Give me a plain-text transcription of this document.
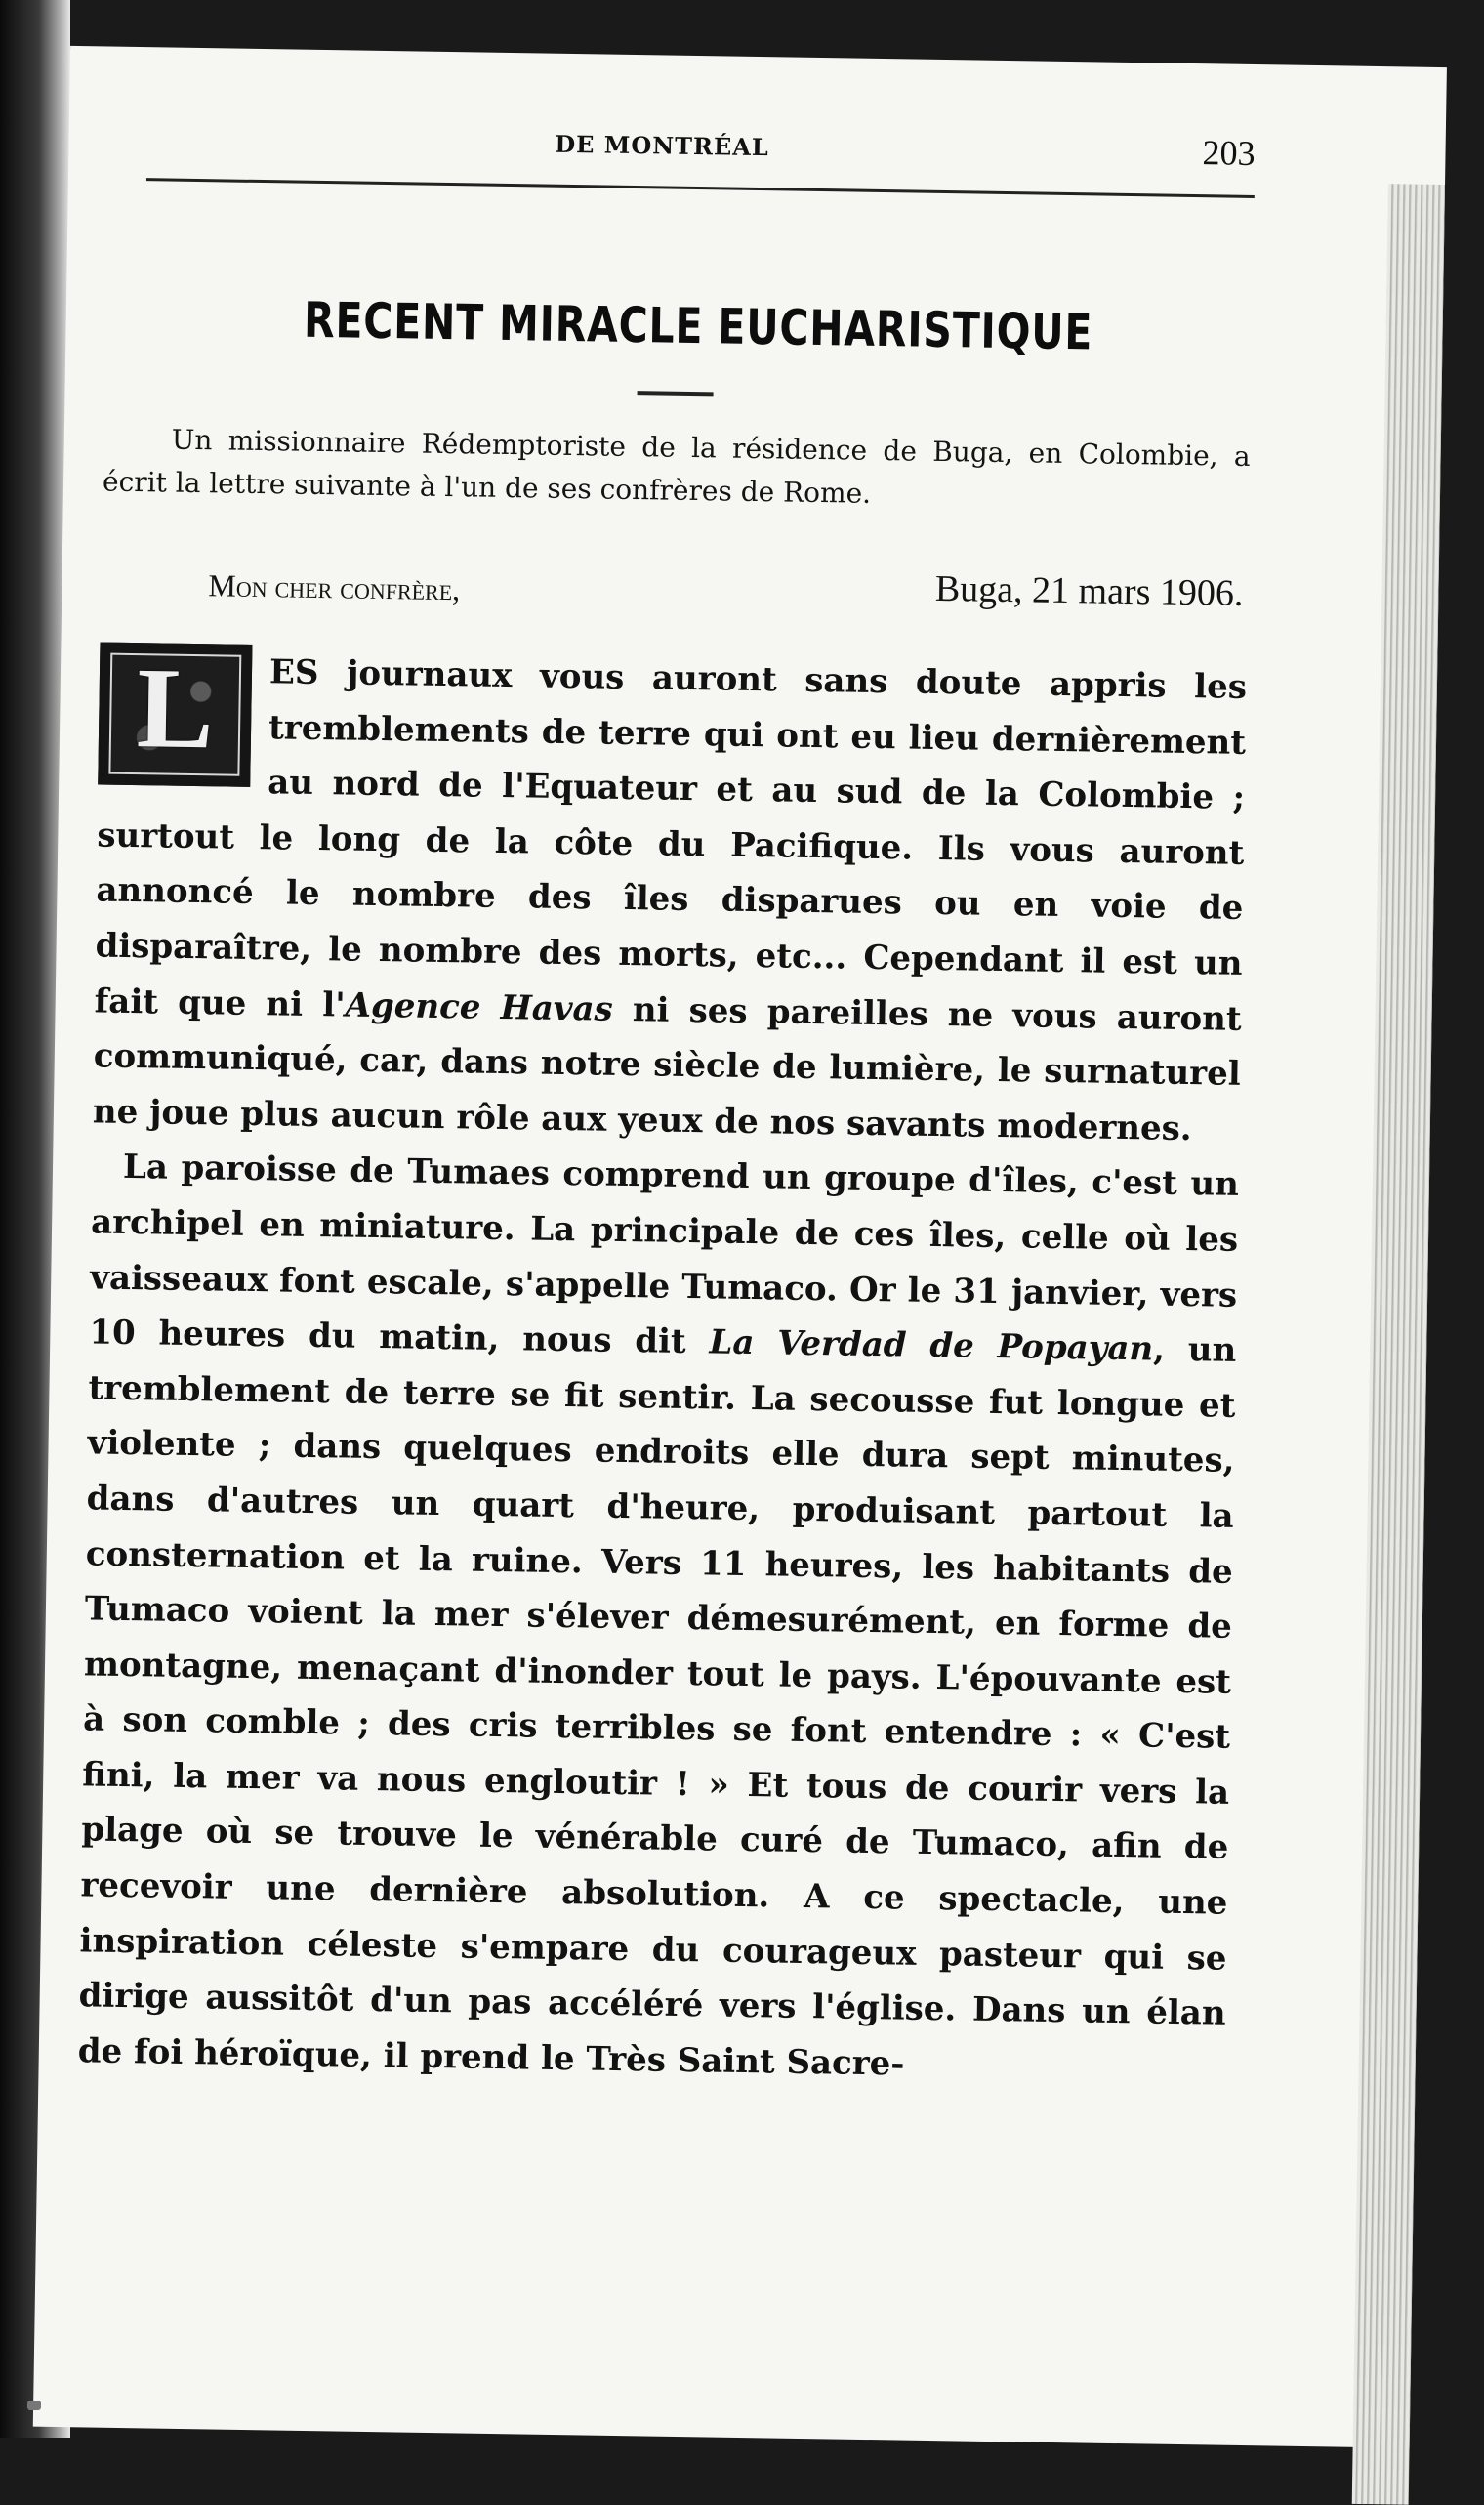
DE MONTRÉAL	203
RECENT MIRACLE EUCHARISTIQUE
Un missionnaire Rédemptoriste de la résidence de Buga, en Colombie, a écrit la lettre suivante à l'un de ses confrères de Rome.
Mon cher confrère,	Buga, 21 mars 1906.

L	ES journaux vous auront sans doute appris les tremblements de terre qui ont eu lieu dernièrement au nord de l'Equateur et au sud de la Colombie ; surtout le long de la côte du Pacifique. Ils vous auront annoncé le nombre des îles disparues ou en voie de disparaître, le nombre des morts, etc... Cependant il est un fait que ni l'Agence Havas ni ses pareilles ne vous auront communiqué, car, dans notre siècle de lumière, le surnaturel ne joue plus aucun rôle aux yeux de nos savants modernes.

La paroisse de Tumaes comprend un groupe d'îles, c'est un archipel en miniature. La principale de ces îles, celle où les vaisseaux font escale, s'appelle Tumaco. Or le 31 janvier, vers 10 heures du matin, nous dit La Verdad de Popayan, un tremblement de terre se fit sentir. La secousse fut longue et violente ; dans quelques endroits elle dura sept minutes, dans d'autres un quart d'heure, produisant partout la consternation et la ruine. Vers 11 heures, les habitants de Tumaco voient la mer s'élever démesurément, en forme de montagne, menaçant d'inonder tout le pays. L'épouvante est à son comble ; des cris terribles se font entendre : « C'est fini, la mer va nous engloutir ! » Et tous de courir vers la plage où se trouve le vénérable curé de Tumaco, afin de recevoir une dernière absolution. A ce spectacle, une inspiration céleste s'empare du courageux pasteur qui se dirige aussitôt d'un pas accéléré vers l'église. Dans un élan de foi héroïque, il prend le Très Saint Sacre-
